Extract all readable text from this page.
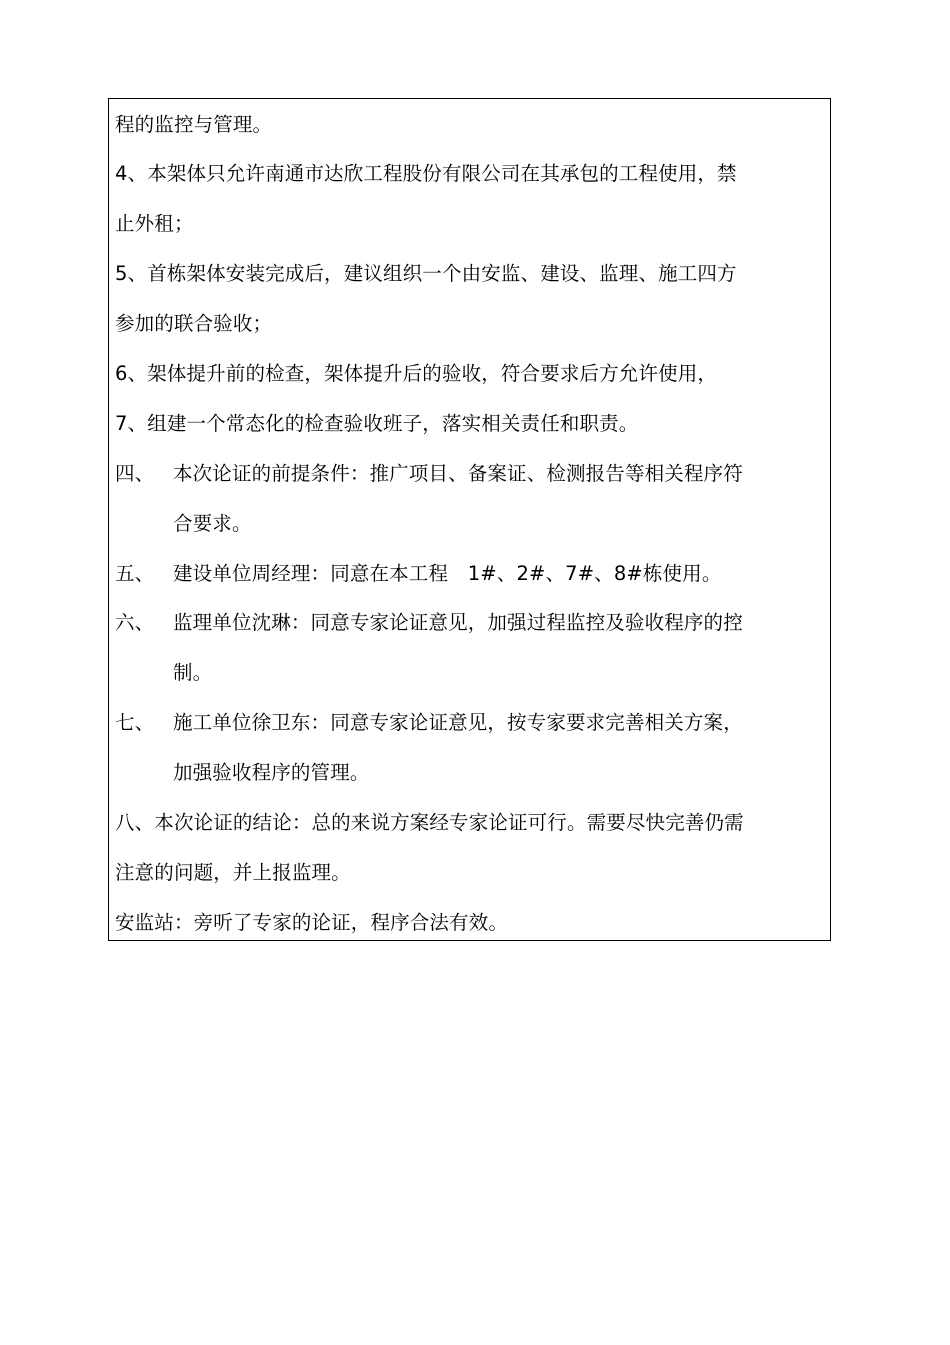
程的监控与管理。
4、本架体只允许南通市达欣工程股份有限公司在其承包的工程使用，禁
止外租；
5、首栋架体安装完成后，建议组织一个由安监、建设、监理、施工四方
参加的联合验收；
6、架体提升前的检查，架体提升后的验收，符合要求后方允许使用，
7、组建一个常态化的检查验收班子，落实相关责任和职责。
四、 本次论证的前提条件：推广项目、备案证、检测报告等相关程序符
合要求。
五、 建设单位周经理：同意在本工程　1#、2#、7#、8#栋使用。
六、 监理单位沈琳：同意专家论证意见，加强过程监控及验收程序的控
制。
七、 施工单位徐卫东：同意专家论证意见，按专家要求完善相关方案，
加强验收程序的管理。
八、本次论证的结论：总的来说方案经专家论证可行。需要尽快完善仍需
注意的问题，并上报监理。
安监站：旁听了专家的论证，程序合法有效。
